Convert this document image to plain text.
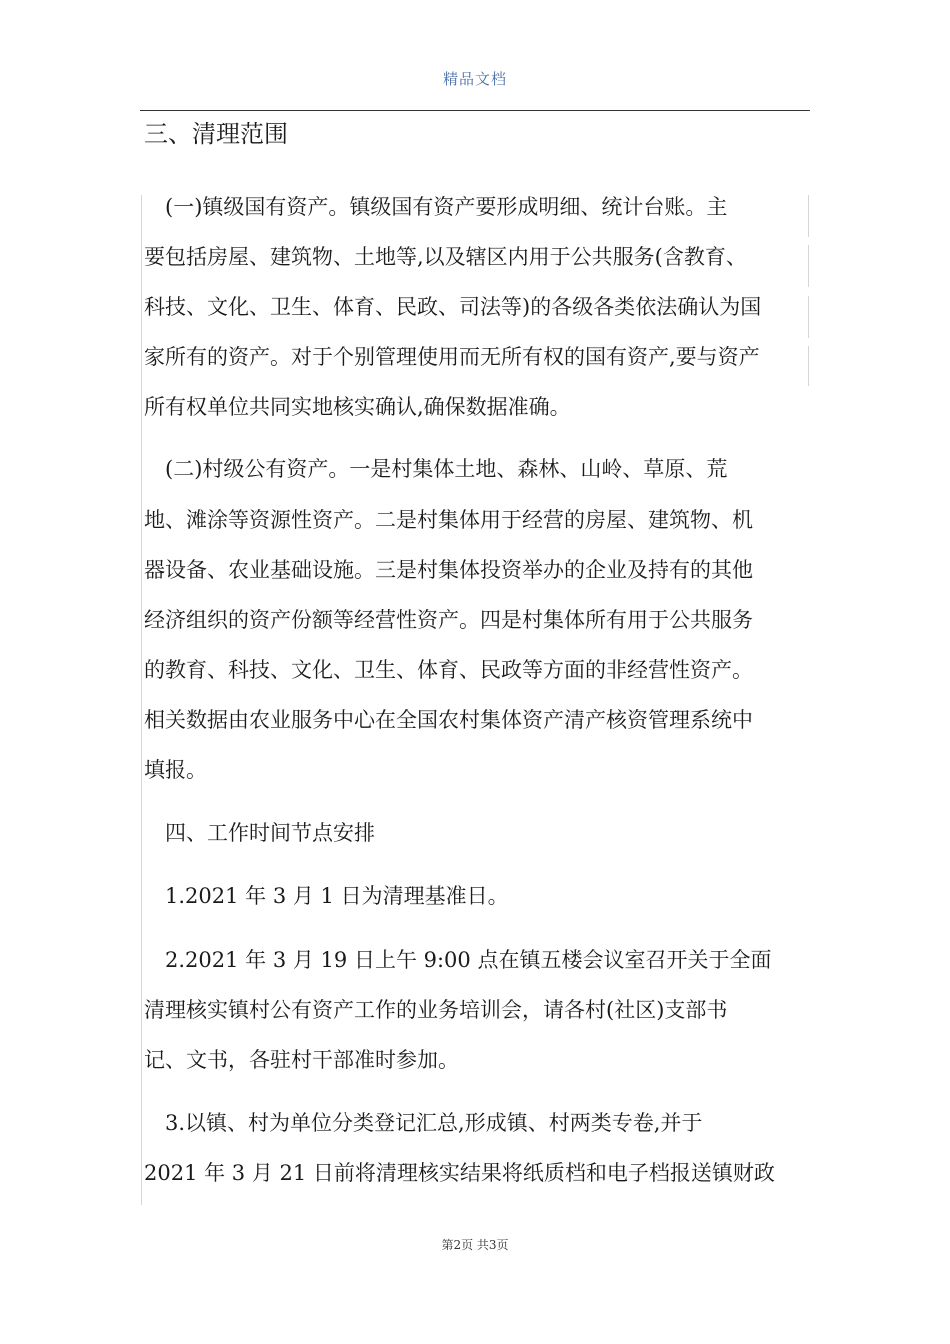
精品文档
三、清理范围
　(一)镇级国有资产。镇级国有资产要形成明细、统计台账。主
要包括房屋、建筑物、土地等,以及辖区内用于公共服务(含教育、
科技、文化、卫生、体育、民政、司法等)的各级各类依法确认为国
家所有的资产。对于个别管理使用而无所有权的国有资产,要与资产
所有权单位共同实地核实确认,确保数据准确。
　(二)村级公有资产。一是村集体土地、森林、山岭、草原、荒
地、滩涂等资源性资产。二是村集体用于经营的房屋、建筑物、机
器设备、农业基础设施。三是村集体投资举办的企业及持有的其他
经济组织的资产份额等经营性资产。四是村集体所有用于公共服务
的教育、科技、文化、卫生、体育、民政等方面的非经营性资产。
相关数据由农业服务中心在全国农村集体资产清产核资管理系统中
填报。
　四、工作时间节点安排
　1.2021 年 3 月 1 日为清理基准日。
　2.2021 年 3 月 19 日上午 9:00 点在镇五楼会议室召开关于全面
清理核实镇村公有资产工作的业务培训会，请各村(社区)支部书
记、文书，各驻村干部准时参加。
　3.以镇、村为单位分类登记汇总,形成镇、村两类专卷,并于
2021 年 3 月 21 日前将清理核实结果将纸质档和电子档报送镇财政
第2页 共3页
